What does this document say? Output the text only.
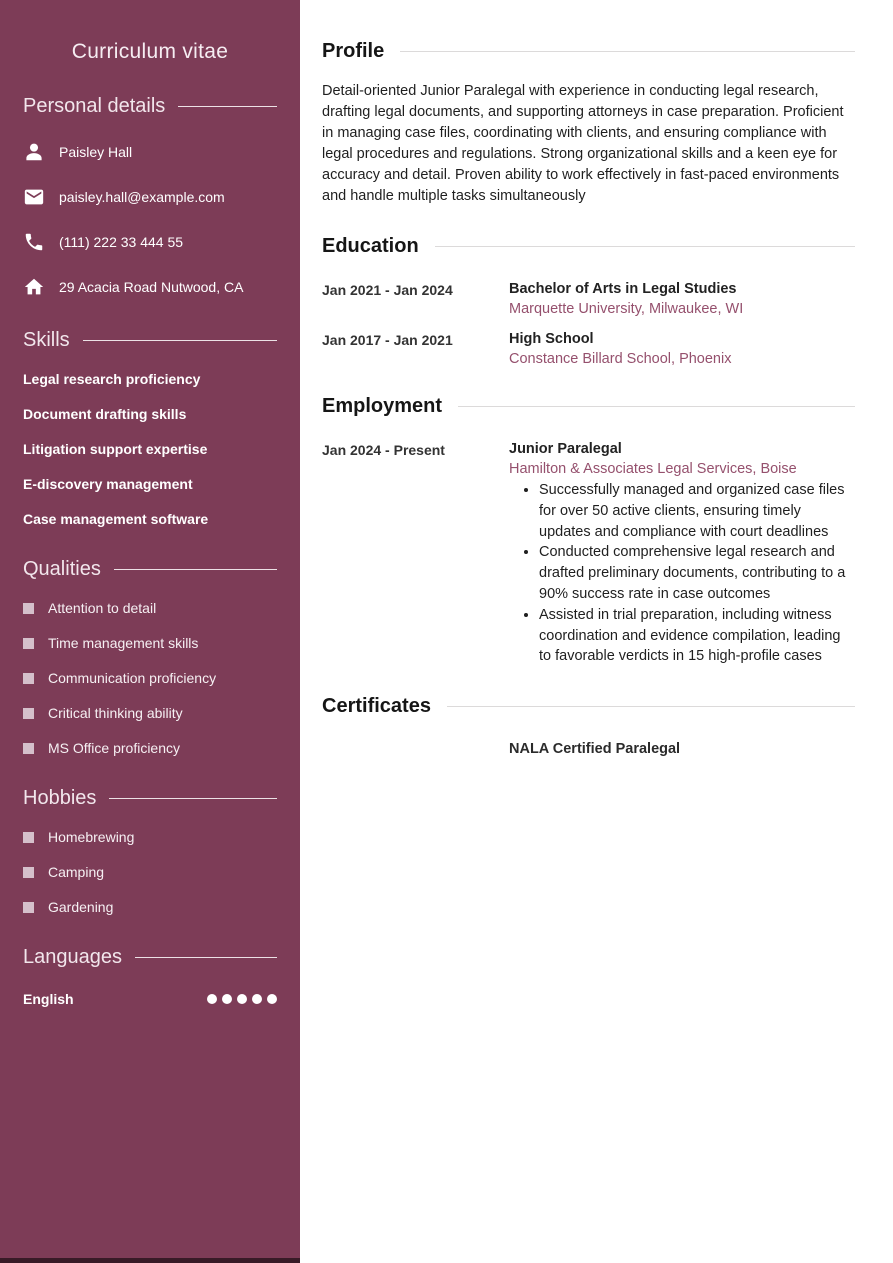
Curriculum vitae
Personal details
Paisley Hall
paisley.hall@example.com
(111) 222 33 444 55
29 Acacia Road Nutwood, CA
Skills
Legal research proficiency
Document drafting skills
Litigation support expertise
E-discovery management
Case management software
Qualities
Attention to detail
Time management skills
Communication proficiency
Critical thinking ability
MS Office proficiency
Hobbies
Homebrewing
Camping
Gardening
Languages
English
Profile

Detail-oriented Junior Paralegal with experience in conducting legal research, drafting legal documents, and supporting attorneys in case preparation. Proficient in managing case files, coordinating with clients, and ensuring compliance with legal procedures and regulations. Strong organizational skills and a keen eye for accuracy and detail. Proven ability to work effectively in fast-paced environments and handle multiple tasks simultaneously

Education
Jan 2021 - Jan 2024	Bachelor of Arts in Legal Studies
Marquette University, Milwaukee, WI
Jan 2017 - Jan 2021	High School
Constance Billard School, Phoenix
Employment
Jan 2024 - Present	Junior Paralegal
Hamilton & Associates Legal Services, Boise
• Successfully managed and organized case files for over 50 active clients, ensuring timely updates and compliance with court deadlines
• Conducted comprehensive legal research and drafted preliminary documents, contributing to a 90% success rate in case outcomes
• Assisted in trial preparation, including witness coordination and evidence compilation, leading to favorable verdicts in 15 high-profile cases
Certificates
NALA Certified Paralegal
